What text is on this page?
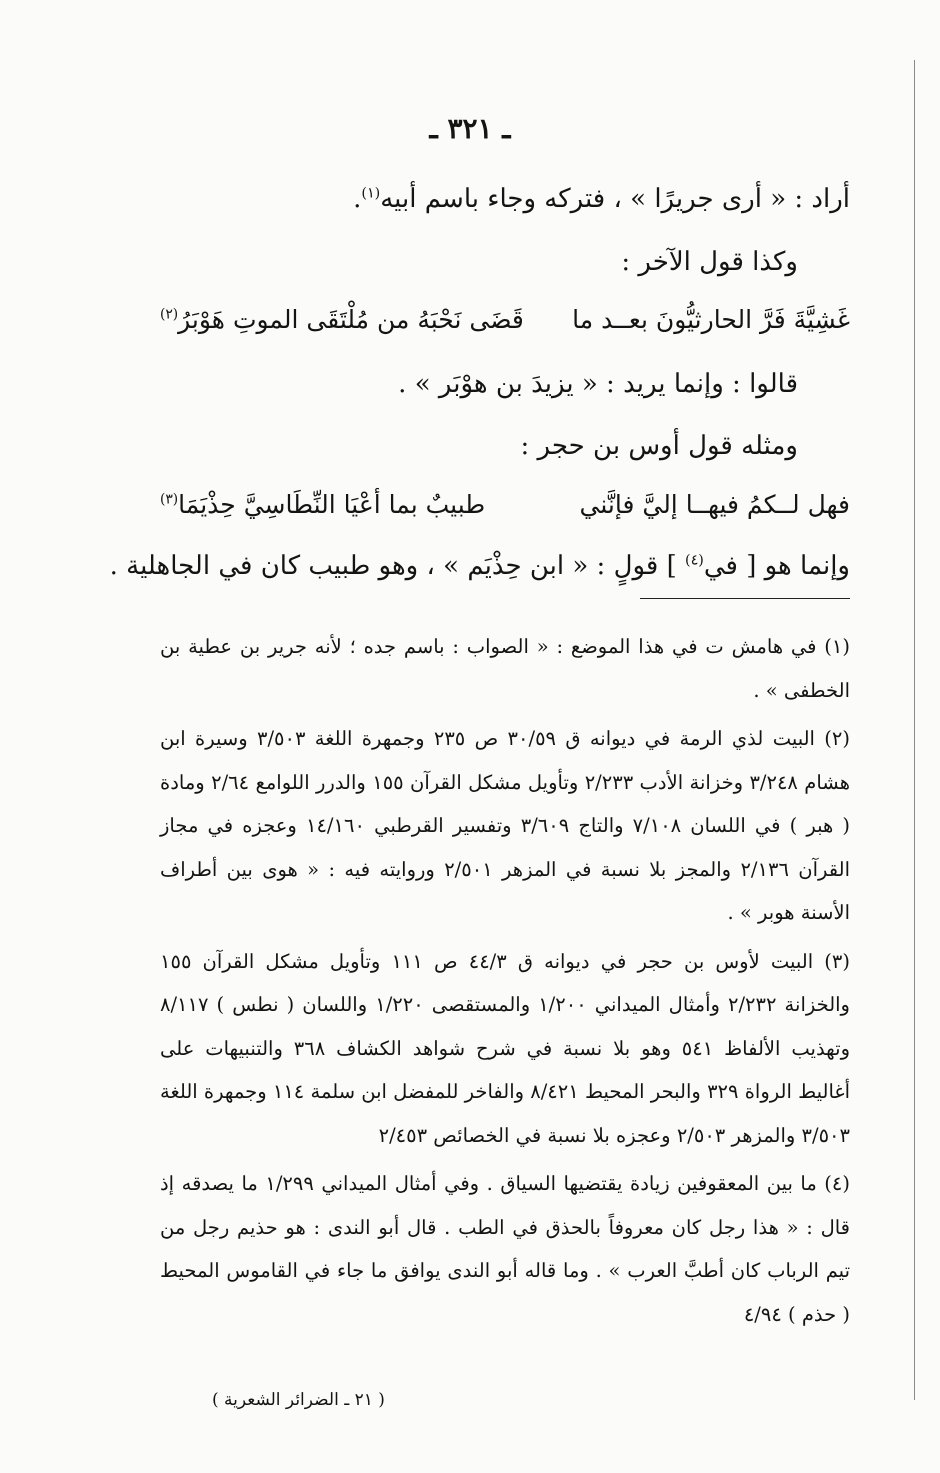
ـ ٣٢١ ـ
أراد : « أرى جريرًا » ، فتركه وجاء باسم أبيه$^{(١)}$.
وكذا قول الآخر :
غَشِيَّةَ فَرَّ الحارثيُّونَ بعــد ما
قَضَى نَحْبَهُ من مُلْتَقَى الموتِ هَوْبَرُ$^{(٢)}$
قالوا : وإنما يريد : « يزيدَ بن هوْبَر » .
ومثله قول أوس بن حجر :
فهل لــكمُ فيهــا إليَّ فإنَّني
طبيبٌ بما أعْيَا النِّطَاسِيَّ حِذْيَمَا$^{(٣)}$
وإنما هو [ في$^{(٤)}$ ] قولٍ : « ابن حِذْيَم » ، وهو طبيب كان في الجاهلية .

(١) في هامش ت في هذا الموضع : « الصواب : باسم جده ؛ لأنه جرير بن عطية بن الخطفى » .

(٢) البيت لذي الرمة في ديوانه ق ٣٠/٥٩ ص ٢٣٥ وجمهرة اللغة ٣/٥٠٣ وسيرة ابن هشام ٣/٢٤٨ وخزانة الأدب ٢/٢٣٣ وتأويل مشكل القرآن ١٥٥ والدرر اللوامع ٢/٦٤ ومادة ( هبر ) في اللسان ٧/١٠٨ والتاج ٣/٦٠٩ وتفسير القرطبي ١٤/١٦٠ وعجزه في مجاز القرآن ٢/١٣٦ والمجز بلا نسبة في المزهر ٢/٥٠١ وروايته فيه : « هوى بين أطراف الأسنة هوبر » .

(٣) البيت لأوس بن حجر في ديوانه ق ٤٤/٣ ص ١١١ وتأويل مشكل القرآن ١٥٥ والخزانة ٢/٢٣٢ وأمثال الميداني ١/٢٠٠ والمستقصى ١/٢٢٠ واللسان ( نطس ) ٨/١١٧ وتهذيب الألفاظ ٥٤١ وهو بلا نسبة في شرح شواهد الكشاف ٣٦٨ والتنبيهات على أغاليط الرواة ٣٢٩ والبحر المحيط ٨/٤٢١ والفاخر للمفضل ابن سلمة ١١٤ وجمهرة اللغة ٣/٥٠٣ والمزهر ٢/٥٠٣ وعجزه بلا نسبة في الخصائص ٢/٤٥٣

(٤) ما بين المعقوفين زيادة يقتضيها السياق . وفي أمثال الميداني ١/٢٩٩ ما يصدقه إذ قال : « هذا رجل كان معروفاً بالحذق في الطب . قال أبو الندى : هو حذيم رجل من تيم الرباب كان أطبَّ العرب » . وما قاله أبو الندى يوافق ما جاء في القاموس المحيط ( حذم ) ٤/٩٤

( ٢١ ـ الضرائر الشعرية )
